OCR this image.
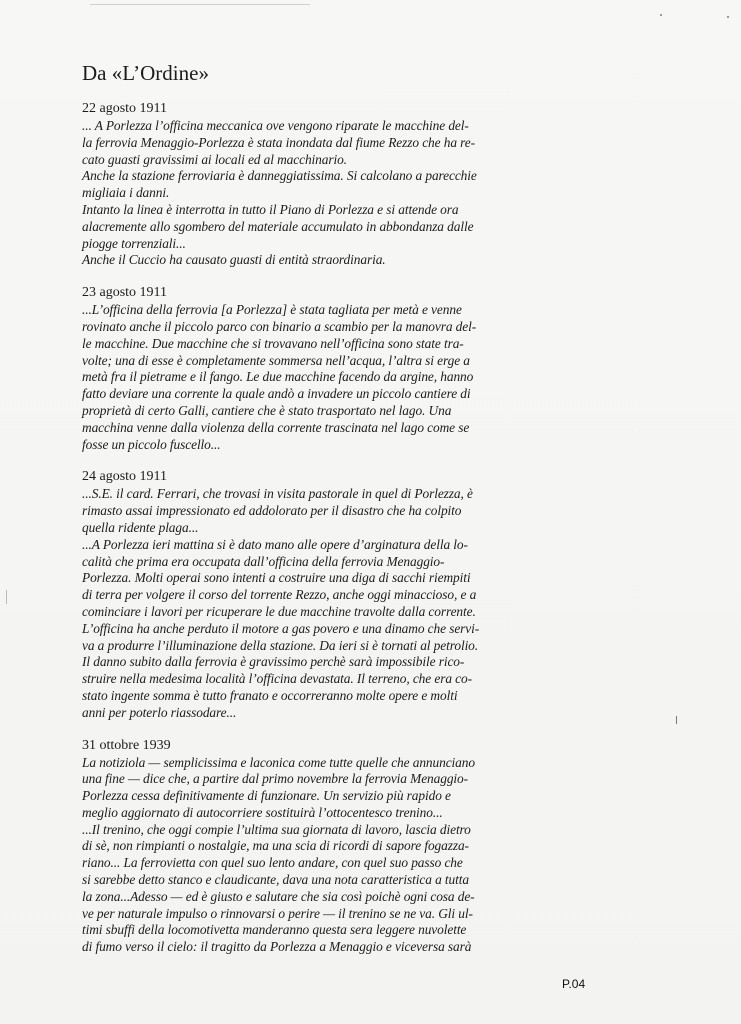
Da «L’Ordine»

22 agosto 1911

... A Porlezza l’officina meccanica ove vengono riparate le macchine del-
la ferrovia Menaggio-Porlezza è stata inondata dal fiume Rezzo che ha re-
cato guasti gravissimi ai locali ed al macchinario.
Anche la stazione ferroviaria è danneggiatissima. Si calcolano a parecchie
migliaia i danni.
Intanto la linea è interrotta in tutto il Piano di Porlezza e si attende ora
alacremente allo sgombero del materiale accumulato in abbondanza dalle
piogge torrenziali...
Anche il Cuccio ha causato guasti di entità straordinaria.

23 agosto 1911

...L’officina della ferrovia [a Porlezza] è stata tagliata per metà e venne
rovinato anche il piccolo parco con binario a scambio per la manovra del-
le macchine. Due macchine che si trovavano nell’officina sono state tra-
volte; una di esse è completamente sommersa nell’acqua, l’altra si erge a
metà fra il pietrame e il fango. Le due macchine facendo da argine, hanno
fatto deviare una corrente la quale andò a invadere un piccolo cantiere di
proprietà di certo Galli, cantiere che è stato trasportato nel lago. Una
macchina venne dalla violenza della corrente trascinata nel lago come se
fosse un piccolo fuscello...

24 agosto 1911

...S.E. il card. Ferrari, che trovasi in visita pastorale in quel di Porlezza, è
rimasto assai impressionato ed addolorato per il disastro che ha colpito
quella ridente plaga...
...A Porlezza ieri mattina si è dato mano alle opere d’arginatura della lo-
calità che prima era occupata dall’officina della ferrovia Menaggio-
Porlezza. Molti operai sono intenti a costruire una diga di sacchi riempiti
di terra per volgere il corso del torrente Rezzo, anche oggi minaccioso, e a
cominciare i lavori per ricuperare le due macchine travolte dalla corrente.
L’officina ha anche perduto il motore a gas povero e una dinamo che servi-
va a produrre l’illuminazione della stazione. Da ieri si è tornati al petrolio.
Il danno subito dalla ferrovia è gravissimo perchè sarà impossibile rico-
struire nella medesima località l’officina devastata. Il terreno, che era co-
stato ingente somma è tutto franato e occorreranno molte opere e molti
anni per poterlo riassodare...

31 ottobre 1939

La notiziola — semplicissima e laconica come tutte quelle che annunciano
una fine — dice che, a partire dal primo novembre la ferrovia Menaggio-
Porlezza cessa definitivamente di funzionare. Un servizio più rapido e
meglio aggiornato di autocorriere sostituirà l’ottocentesco trenino...
...Il trenino, che oggi compie l’ultima sua giornata di lavoro, lascia dietro
di sè, non rimpianti o nostalgie, ma una scia di ricordi di sapore fogazza-
riano... La ferrovietta con quel suo lento andare, con quel suo passo che
si sarebbe detto stanco e claudicante, dava una nota caratteristica a tutta
la zona...Adesso — ed è giusto e salutare che sia così poichè ogni cosa de-
ve per naturale impulso o rinnovarsi o perire — il trenino se ne va. Gli ul-
timi sbuffi della locomotivetta manderanno questa sera leggere nuvolette
di fumo verso il cielo: il tragitto da Porlezza a Menaggio e viceversa sarà

P.04
